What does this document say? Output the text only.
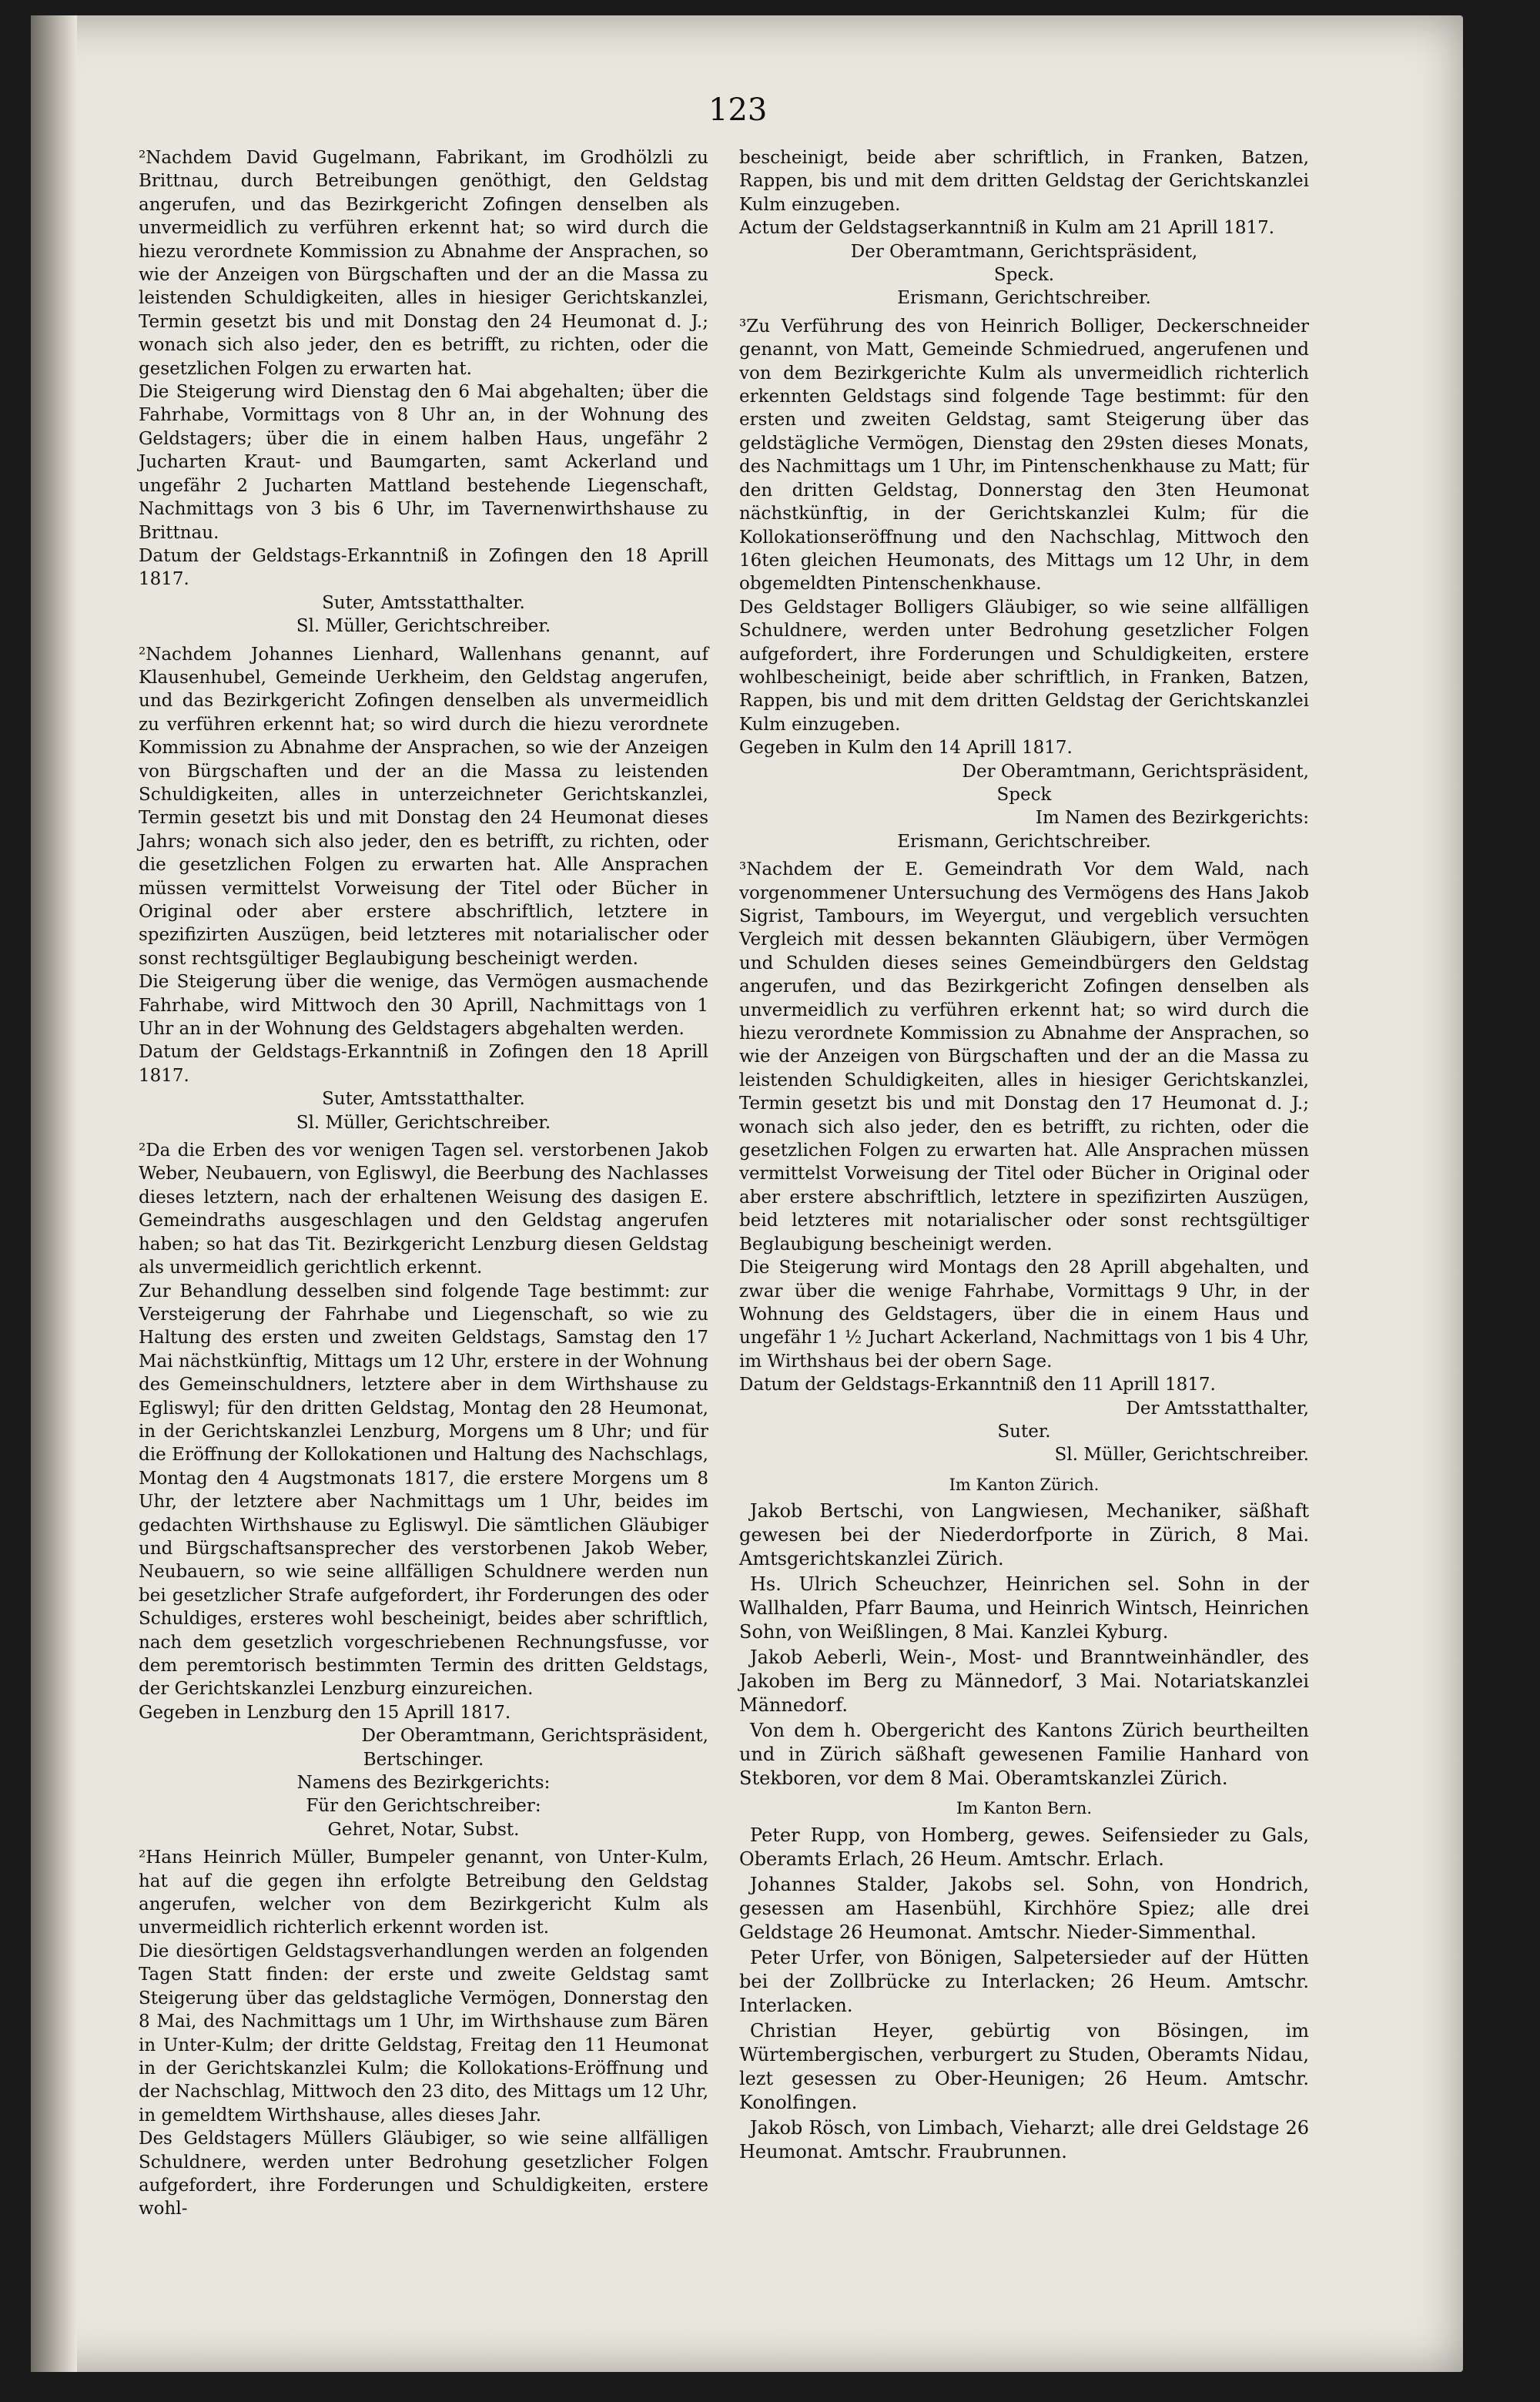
123

²Nachdem David Gugelmann, Fabrikant, im Grodhölzli zu Brittnau, durch Betreibungen genöthigt, den Geldstag angerufen, und das Bezirkgericht Zofingen denselben als unvermeidlich zu verführen erkennt hat; so wird durch die hiezu verordnete Kommission zu Abnahme der Ansprachen, so wie der Anzeigen von Bürgschaften und der an die Massa zu leistenden Schuldigkeiten, alles in hiesiger Gerichtskanzlei, Termin gesetzt bis und mit Donstag den 24 Heumonat d. J.; wonach sich also jeder, den es betrifft, zu richten, oder die gesetzlichen Folgen zu erwarten hat.

Die Steigerung wird Dienstag den 6 Mai abgehalten; über die Fahrhabe, Vormittags von 8 Uhr an, in der Wohnung des Geldstagers; über die in einem halben Haus, ungefähr 2 Jucharten Kraut- und Baumgarten, samt Ackerland und ungefähr 2 Jucharten Mattland bestehende Liegenschaft, Nachmittags von 3 bis 6 Uhr, im Tavernenwirthshause zu Brittnau.

Datum der Geldstags-Erkanntniß in Zofingen den 18 Aprill 1817.

Suter, Amtsstatthalter.

Sl. Müller, Gerichtschreiber.

²Nachdem Johannes Lienhard, Wallenhans genannt, auf Klausenhubel, Gemeinde Uerkheim, den Geldstag angerufen, und das Bezirkgericht Zofingen denselben als unvermeidlich zu verführen erkennt hat; so wird durch die hiezu verordnete Kommission zu Abnahme der Ansprachen, so wie der Anzeigen von Bürgschaften und der an die Massa zu leistenden Schuldigkeiten, alles in unterzeichneter Gerichtskanzlei, Termin gesetzt bis und mit Donstag den 24 Heumonat dieses Jahrs; wonach sich also jeder, den es betrifft, zu richten, oder die gesetzlichen Folgen zu erwarten hat. Alle Ansprachen müssen vermittelst Vorweisung der Titel oder Bücher in Original oder aber erstere abschriftlich, letztere in spezifizirten Auszügen, beid letzteres mit notarialischer oder sonst rechtsgültiger Beglaubigung bescheinigt werden.

Die Steigerung über die wenige, das Vermögen ausmachende Fahrhabe, wird Mittwoch den 30 Aprill, Nachmittags von 1 Uhr an in der Wohnung des Geldstagers abgehalten werden.

Datum der Geldstags-Erkanntniß in Zofingen den 18 Aprill 1817.

Suter, Amtsstatthalter.

Sl. Müller, Gerichtschreiber.

²Da die Erben des vor wenigen Tagen sel. verstorbenen Jakob Weber, Neubauern, von Egliswyl, die Beerbung des Nachlasses dieses letztern, nach der erhaltenen Weisung des dasigen E. Gemeindraths ausgeschlagen und den Geldstag angerufen haben; so hat das Tit. Bezirkgericht Lenzburg diesen Geldstag als unvermeidlich gerichtlich erkennt.

Zur Behandlung desselben sind folgende Tage bestimmt: zur Versteigerung der Fahrhabe und Liegenschaft, so wie zu Haltung des ersten und zweiten Geldstags, Samstag den 17 Mai nächstkünftig, Mittags um 12 Uhr, erstere in der Wohnung des Gemeinschuldners, letztere aber in dem Wirthshause zu Egliswyl; für den dritten Geldstag, Montag den 28 Heumonat, in der Gerichtskanzlei Lenzburg, Morgens um 8 Uhr; und für die Eröffnung der Kollokationen und Haltung des Nachschlags, Montag den 4 Augstmonats 1817, die erstere Morgens um 8 Uhr, der letztere aber Nachmittags um 1 Uhr, beides im gedachten Wirthshause zu Egliswyl. Die sämtlichen Gläubiger und Bürgschaftsansprecher des verstorbenen Jakob Weber, Neubauern, so wie seine allfälligen Schuldnere werden nun bei gesetzlicher Strafe aufgefordert, ihr Forderungen des oder Schuldiges, ersteres wohl bescheinigt, beides aber schriftlich, nach dem gesetzlich vorgeschriebenen Rechnungsfusse, vor dem peremtorisch bestimmten Termin des dritten Geldstags, der Gerichtskanzlei Lenzburg einzureichen.

Gegeben in Lenzburg den 15 Aprill 1817.

Der Oberamtmann, Gerichtspräsident,

Bertschinger.

Namens des Bezirkgerichts:

Für den Gerichtschreiber:

Gehret, Notar, Subst.

²Hans Heinrich Müller, Bumpeler genannt, von Unter-Kulm, hat auf die gegen ihn erfolgte Betreibung den Geldstag angerufen, welcher von dem Bezirkgericht Kulm als unvermeidlich richterlich erkennt worden ist.

Die diesörtigen Geldstagsverhandlungen werden an folgenden Tagen Statt finden: der erste und zweite Geldstag samt Steigerung über das geldstagliche Vermögen, Donnerstag den 8 Mai, des Nachmittags um 1 Uhr, im Wirthshause zum Bären in Unter-Kulm; der dritte Geldstag, Freitag den 11 Heumonat in der Gerichtskanzlei Kulm; die Kollokations-Eröffnung und der Nachschlag, Mittwoch den 23 dito, des Mittags um 12 Uhr, in gemeldtem Wirthshause, alles dieses Jahr.

Des Geldstagers Müllers Gläubiger, so wie seine allfälligen Schuldnere, werden unter Bedrohung gesetzlicher Folgen aufgefordert, ihre Forderungen und Schuldigkeiten, erstere wohl-

bescheinigt, beide aber schriftlich, in Franken, Batzen, Rappen, bis und mit dem dritten Geldstag der Gerichtskanzlei Kulm einzugeben.

Actum der Geldstagserkanntniß in Kulm am 21 Aprill 1817.

Der Oberamtmann, Gerichtspräsident,

Speck.

Erismann, Gerichtschreiber.

³Zu Verführung des von Heinrich Bolliger, Deckerschneider genannt, von Matt, Gemeinde Schmiedrued, angerufenen und von dem Bezirkgerichte Kulm als unvermeidlich richterlich erkennten Geldstags sind folgende Tage bestimmt: für den ersten und zweiten Geldstag, samt Steigerung über das geldstägliche Vermögen, Dienstag den 29sten dieses Monats, des Nachmittags um 1 Uhr, im Pintenschenkhause zu Matt; für den dritten Geldstag, Donnerstag den 3ten Heumonat nächstkünftig, in der Gerichtskanzlei Kulm; für die Kollokationseröffnung und den Nachschlag, Mittwoch den 16ten gleichen Heumonats, des Mittags um 12 Uhr, in dem obgemeldten Pintenschenkhause.

Des Geldstager Bolligers Gläubiger, so wie seine allfälligen Schuldnere, werden unter Bedrohung gesetzlicher Folgen aufgefordert, ihre Forderungen und Schuldigkeiten, erstere wohlbescheinigt, beide aber schriftlich, in Franken, Batzen, Rappen, bis und mit dem dritten Geldstag der Gerichtskanzlei Kulm einzugeben.

Gegeben in Kulm den 14 Aprill 1817.

Der Oberamtmann, Gerichtspräsident,

Speck

Im Namen des Bezirkgerichts:

Erismann, Gerichtschreiber.

³Nachdem der E. Gemeindrath Vor dem Wald, nach vorgenommener Untersuchung des Vermögens des Hans Jakob Sigrist, Tambours, im Weyergut, und vergeblich versuchten Vergleich mit dessen bekannten Gläubigern, über Vermögen und Schulden dieses seines Gemeindbürgers den Geldstag angerufen, und das Bezirkgericht Zofingen denselben als unvermeidlich zu verführen erkennt hat; so wird durch die hiezu verordnete Kommission zu Abnahme der Ansprachen, so wie der Anzeigen von Bürgschaften und der an die Massa zu leistenden Schuldigkeiten, alles in hiesiger Gerichtskanzlei, Termin gesetzt bis und mit Donstag den 17 Heumonat d. J.; wonach sich also jeder, den es betrifft, zu richten, oder die gesetzlichen Folgen zu erwarten hat. Alle Ansprachen müssen vermittelst Vorweisung der Titel oder Bücher in Original oder aber erstere abschriftlich, letztere in spezifizirten Auszügen, beid letzteres mit notarialischer oder sonst rechtsgültiger Beglaubigung bescheinigt werden.

Die Steigerung wird Montags den 28 Aprill abgehalten, und zwar über die wenige Fahrhabe, Vormittags 9 Uhr, in der Wohnung des Geldstagers, über die in einem Haus und ungefähr 1 ½ Juchart Ackerland, Nachmittags von 1 bis 4 Uhr, im Wirthshaus bei der obern Sage.

Datum der Geldstags-Erkanntniß den 11 Aprill 1817.

Der Amtsstatthalter,

Suter.

Sl. Müller, Gerichtschreiber.

Im Kanton Zürich.

Jakob Bertschi, von Langwiesen, Mechaniker, säßhaft gewesen bei der Niederdorfporte in Zürich, 8 Mai. Amtsgerichtskanzlei Zürich.

Hs. Ulrich Scheuchzer, Heinrichen sel. Sohn in der Wallhalden, Pfarr Bauma, und Heinrich Wintsch, Heinrichen Sohn, von Weißlingen, 8 Mai. Kanzlei Kyburg.

Jakob Aeberli, Wein-, Most- und Branntweinhändler, des Jakoben im Berg zu Männedorf, 3 Mai. Notariatskanzlei Männedorf.

Von dem h. Obergericht des Kantons Zürich beurtheilten und in Zürich säßhaft gewesenen Familie Hanhard von Stekboren, vor dem 8 Mai. Oberamtskanzlei Zürich.

Im Kanton Bern.

Peter Rupp, von Homberg, gewes. Seifensieder zu Gals, Oberamts Erlach, 26 Heum. Amtschr. Erlach.

Johannes Stalder, Jakobs sel. Sohn, von Hondrich, gesessen am Hasenbühl, Kirchhöre Spiez; alle drei Geldstage 26 Heumonat. Amtschr. Nieder-Simmenthal.

Peter Urfer, von Bönigen, Salpetersieder auf der Hütten bei der Zollbrücke zu Interlacken; 26 Heum. Amtschr. Interlacken.

Christian Heyer, gebürtig von Bösingen, im Würtembergischen, verburgert zu Studen, Oberamts Nidau, lezt gesessen zu Ober-Heunigen; 26 Heum. Amtschr. Konolfingen.

Jakob Rösch, von Limbach, Vieharzt; alle drei Geldstage 26 Heumonat. Amtschr. Fraubrunnen.
